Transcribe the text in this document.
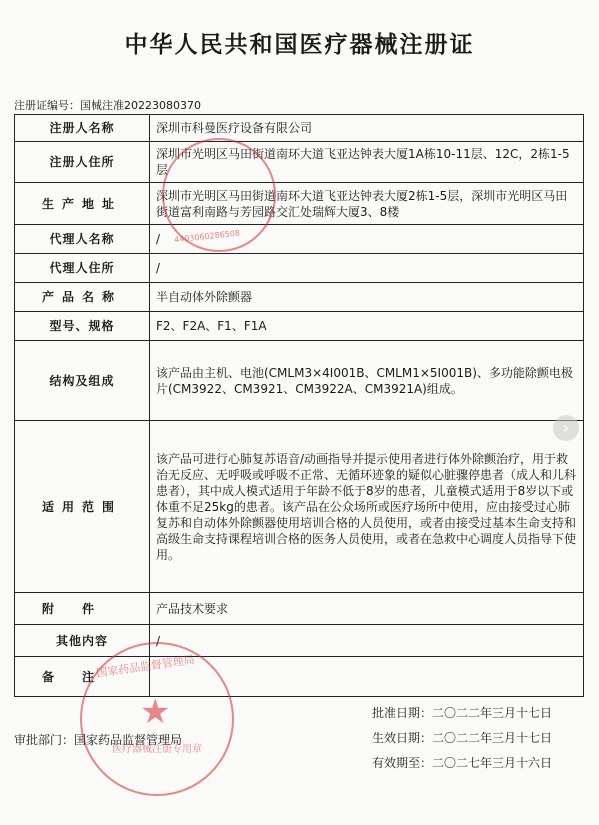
中华人民共和国医疗器械注册证
注册证编号：国械注准20223080370
注册人名称	深圳市科曼医疗设备有限公司
注册人住所	深圳市光明区马田街道南环大道飞亚达钟表大厦1A栋10-11层、12C，2栋1-5层
生产地址	深圳市光明区马田街道南环大道飞亚达钟表大厦2栋1-5层，深圳市光明区马田街道富利南路与芳园路交汇处瑞辉大厦3、8楼
代理人名称	/
代理人住所	/
产品名称	半自动体外除颤器
型号、规格	F2、F2A、F1、F1A
结构及组成	该产品由主机、电池(CMLM3×4I001B、CMLM1×5I001B)、多功能除颤电极片(CM3922、CM3921、CM3922A、CM3921A)组成。
适用范围	该产品可进行心肺复苏语音/动画指导并提示使用者进行体外除颤治疗，用于救治无反应、无呼吸或呼吸不正常、无循环迹象的疑似心脏骤停患者（成人和儿科患者），其中成人模式适用于年龄不低于8岁的患者，儿童模式适用于8岁以下或体重不足25kg的患者。该产品在公众场所或医疗场所中使用，应由接受过心肺复苏和自动体外除颤器使用培训合格的人员使用，或者由接受过基本生命支持和高级生命支持课程培训合格的医务人员使用，或者在急救中心调度人员指导下使用。
附件	产品技术要求
其他内容	/
备注	
4403060286508
★
国家药品监督管理局
医疗器械注册专用章
审批部门：国家药品监督管理局
批准日期：二〇二二年三月十七日
生效日期：二〇二二年三月十七日
有效期至：二〇二七年三月十六日
›
